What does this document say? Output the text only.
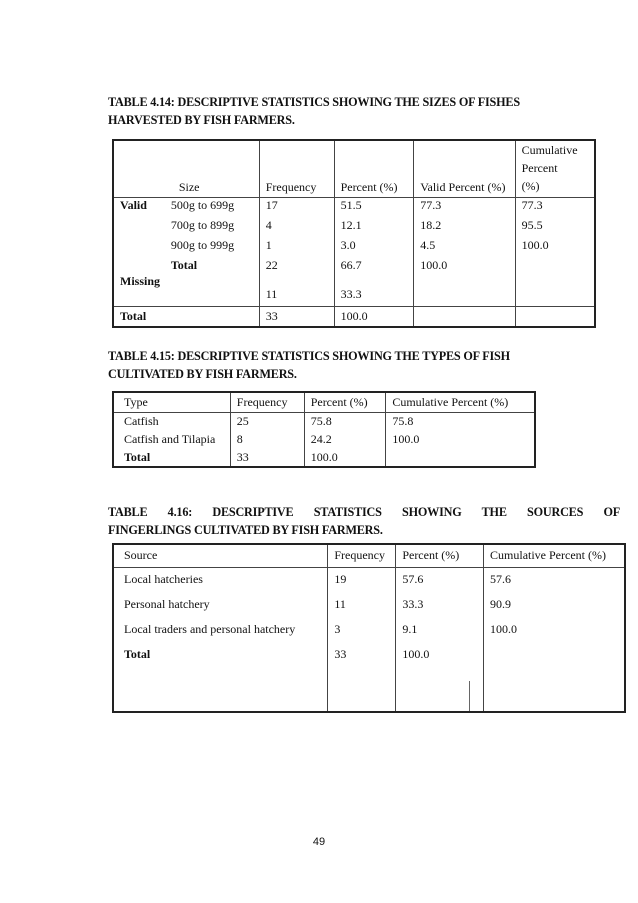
TABLE 4.14: DESCRIPTIVE STATISTICS SHOWING THE SIZES OF FISHES
HARVESTED BY FISH FARMERS.
	Size	Frequency	Percent (%)	Valid Percent (%)	Cumulative
Percent
(%)

Valid	500g to 699g	17	51.5	77.3	77.3
	700g to 899g	4	12.1	18.2	95.5
	900g to 999g	1	3.0	4.5	100.0
	Total	22	66.7	100.0	
Missing		11	33.3		
Total		33	100.0		
TABLE 4.15: DESCRIPTIVE STATISTICS SHOWING THE TYPES OF FISH
CULTIVATED BY FISH FARMERS.
Type	Frequency	Percent (%)	Cumulative Percent (%)
Catfish	25	75.8	75.8
Catfish and Tilapia	8	24.2	100.0
Total	33	100.0	
TABLE 4.16: DESCRIPTIVE STATISTICS SHOWING THE SOURCES OF
FINGERLINGS CULTIVATED BY FISH FARMERS.
Source	Frequency	Percent (%)	Cumulative Percent (%)
Local hatcheries	19	57.6	57.6
Personal hatchery	11	33.3	90.9
Local traders and personal hatchery	3	9.1	100.0
Total	33	100.0	

49
